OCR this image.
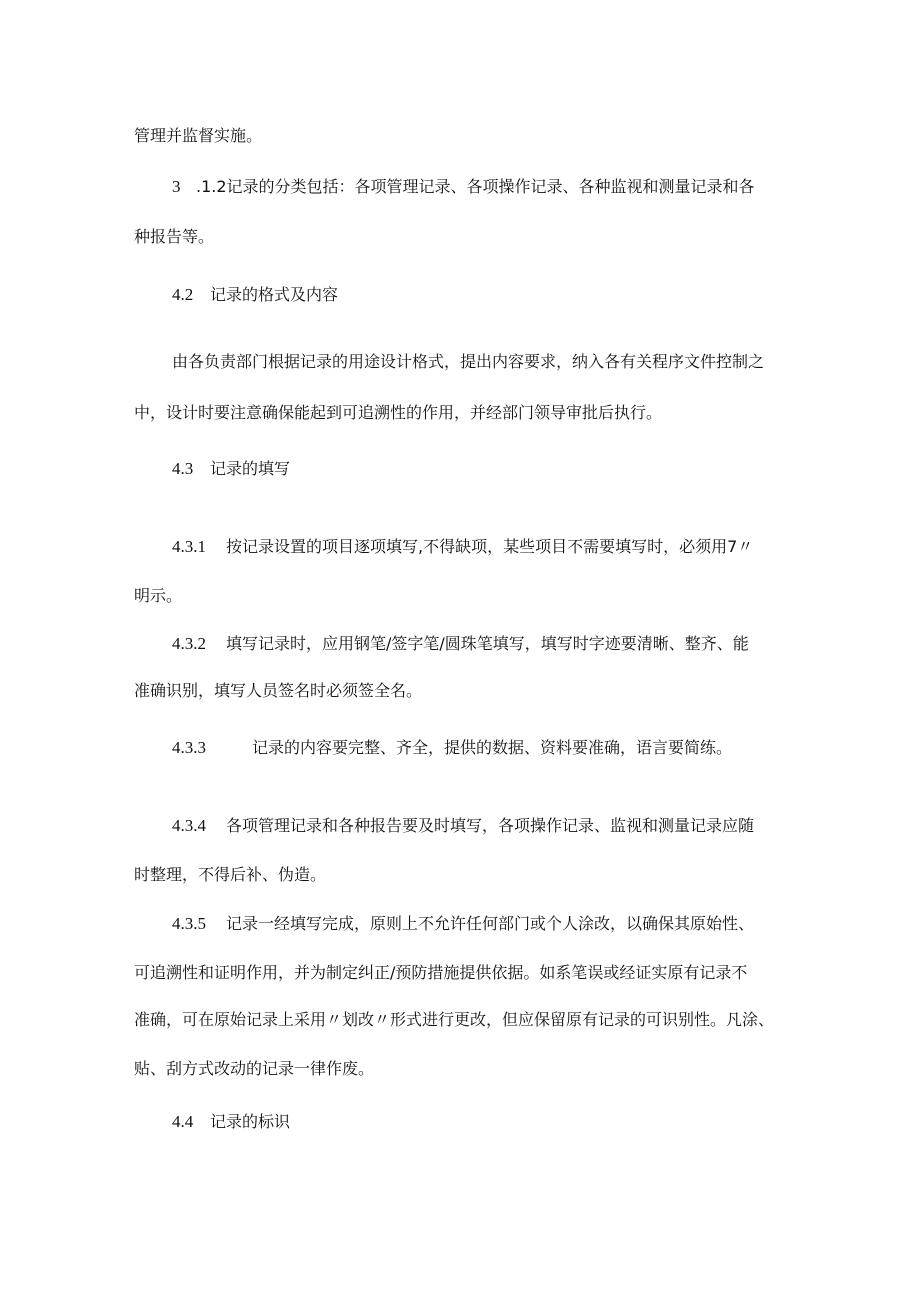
管理并监督实施。

3 .1.2记录的分类包括：各项管理记录、各项操作记录、各种监视和测量记录和各

种报告等。

4.2 记录的格式及内容

由各负责部门根据记录的用途设计格式，提出内容要求，纳入各有关程序文件控制之

中，设计时要注意确保能起到可追溯性的作用，并经部门领导审批后执行。

4.3 记录的填写

4.3.1 按记录设置的项目逐项填写,不得缺项，某些项目不需要填写时，必须用7〃

明示。

4.3.2 填写记录时，应用钢笔/签字笔/圆珠笔填写，填写时字迹要清晰、整齐、能

准确识别，填写人员签名时必须签全名。

4.3.3	记录的内容要完整、齐全，提供的数据、资料要准确，语言要简练。

4.3.4 各项管理记录和各种报告要及时填写，各项操作记录、监视和测量记录应随

时整理，不得后补、伪造。

4.3.5 记录一经填写完成，原则上不允许任何部门或个人涂改，以确保其原始性、

可追溯性和证明作用，并为制定纠正/预防措施提供依据。如系笔误或经证实原有记录不

准确，可在原始记录上采用〃划改〃形式进行更改，但应保留原有记录的可识别性。凡涂、

贴、刮方式改动的记录一律作废。

4.4 记录的标识
